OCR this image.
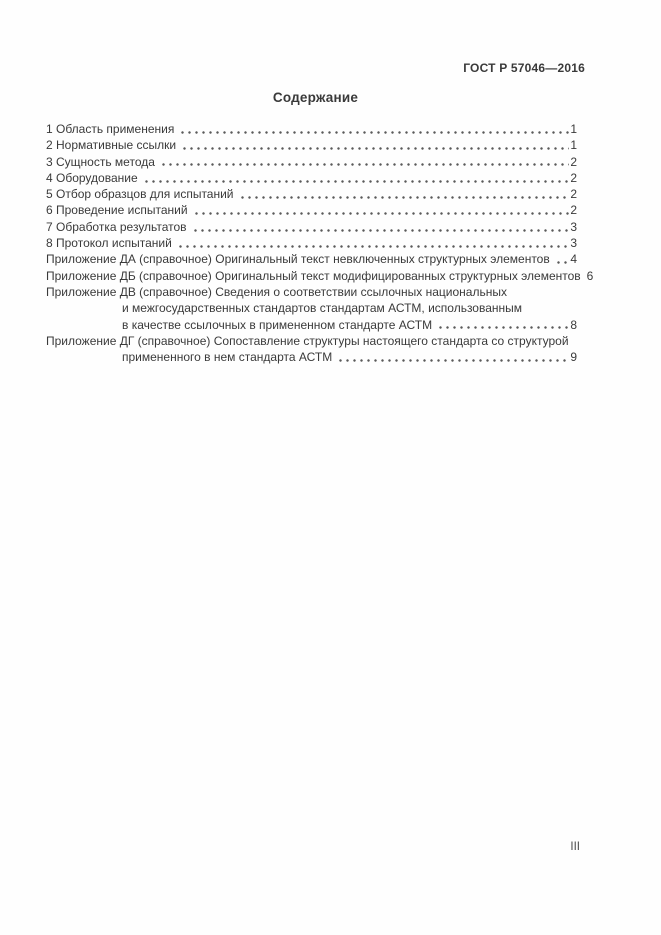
ГОСТ Р 57046—2016
Содержание
1 Область применения	1
2 Нормативные ссылки	1
3 Сущность метода	2
4 Оборудование	2
5 Отбор образцов для испытаний	2
6 Проведение испытаний	2
7 Обработка результатов	3
8 Протокол испытаний	3
Приложение ДА (справочное) Оригинальный текст невключенных структурных элементов 4
Приложение ДБ (справочное) Оригинальный текст модифицированных структурных элементов 6
Приложение ДВ (справочное) Сведения о соответствии ссылочных национальных
и межгосударственных стандартов стандартам АСТМ, использованным
в качестве ссылочных в примененном стандарте АСТМ	8
Приложение ДГ (справочное) Сопоставление структуры настоящего стандарта со структурой
примененного в нем стандарта АСТМ	9
III
